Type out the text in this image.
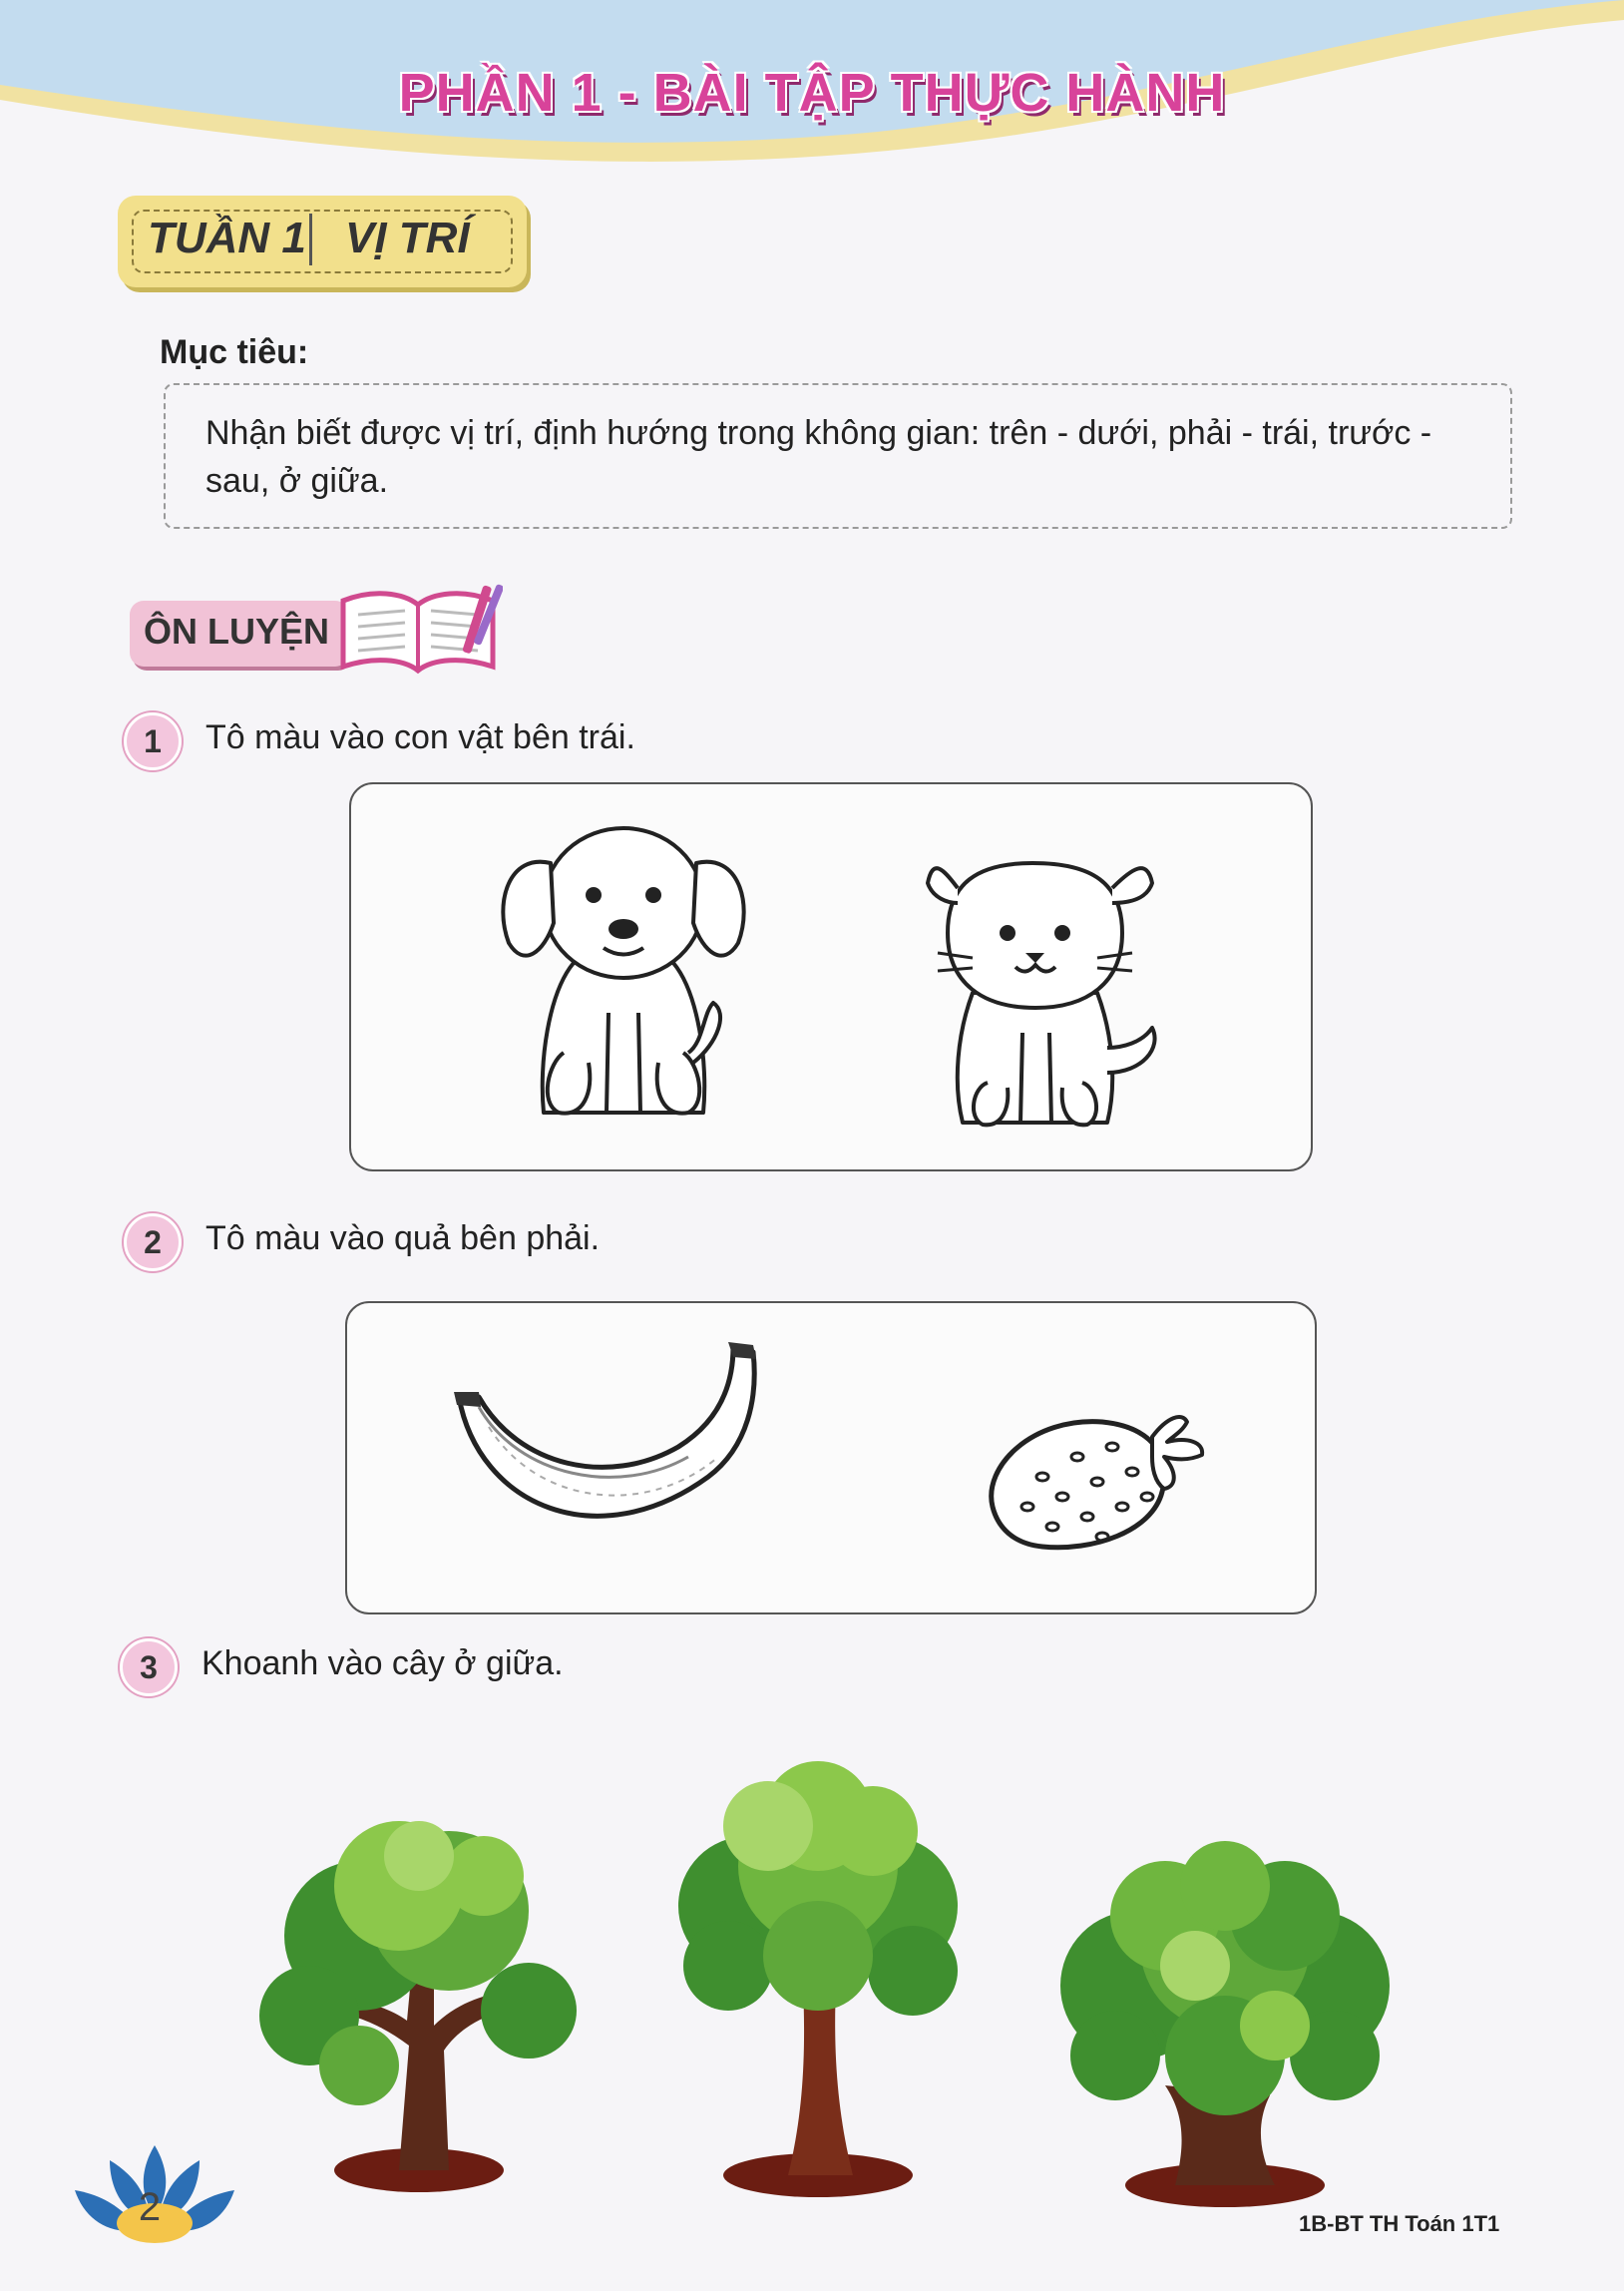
PHẦN 1 - BÀI TẬP THỰC HÀNH
TUẦN 1 VỊ TRÍ
Mục tiêu:
Nhận biết được vị trí, định hướng trong không gian: trên - dưới, phải - trái, trước - sau, ở giữa.
ÔN LUYỆN
1	Tô màu vào con vật bên trái.
2	Tô màu vào quả bên phải.
3	Khoanh vào cây ở giữa.
2	1B-BT TH Toán 1T1
